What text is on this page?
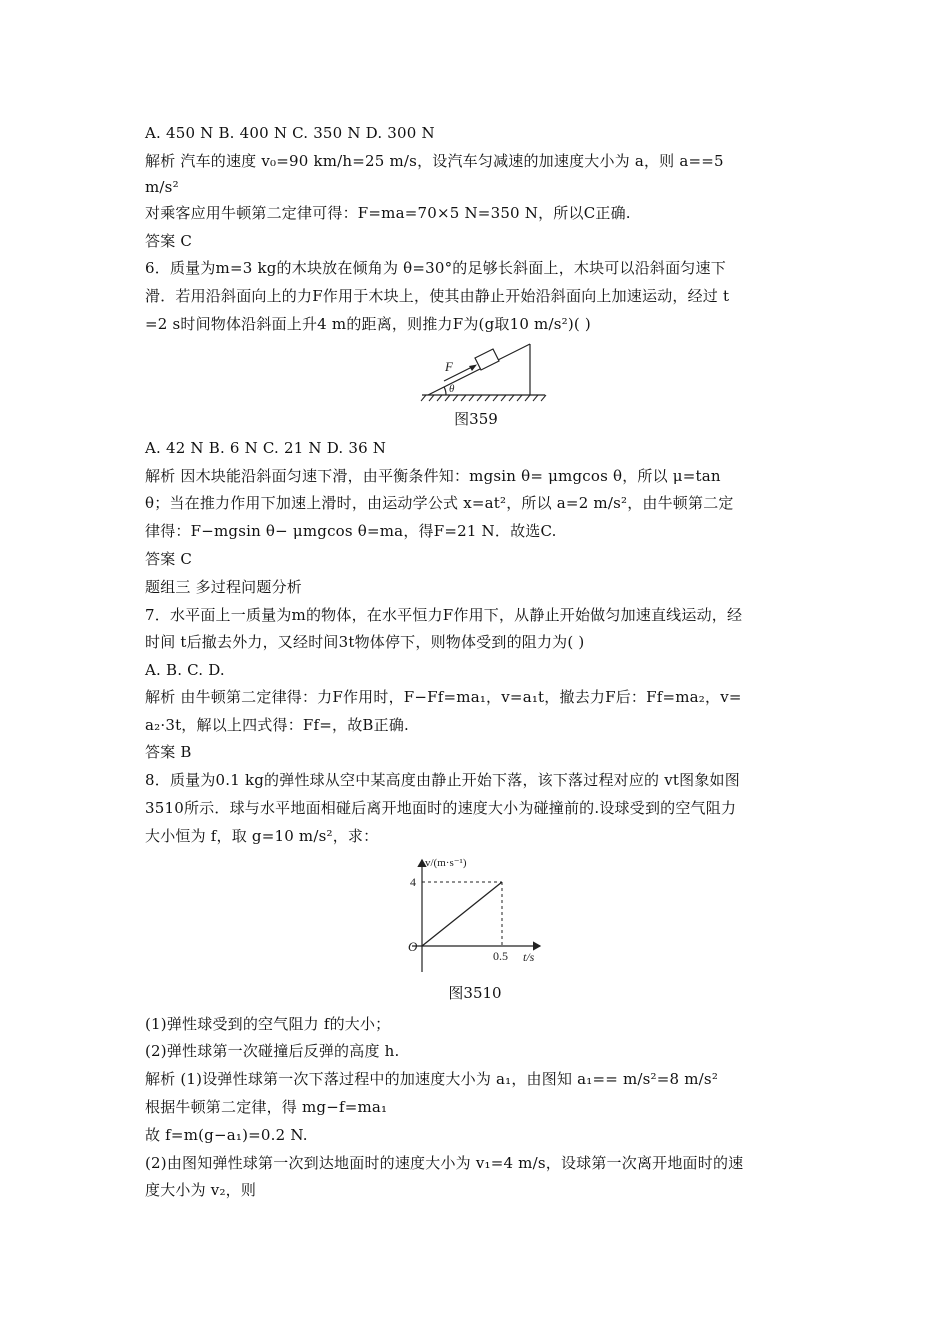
A. 450 N B. 400 N C. 350 N D. 300 N
解析 汽车的速度 v₀=90 km/h=25 m/s，设汽车匀减速的加速度大小为 a，则 a==5
m/s²
对乘客应用牛顿第二定律可得：F=ma=70×5 N=350 N，所以C正确.
答案 C
6．质量为m=3 kg的木块放在倾角为 θ=30°的足够长斜面上，木块可以沿斜面匀速下
滑．若用沿斜面向上的力F作用于木块上，使其由静止开始沿斜面向上加速运动，经过 t
=2 s时间物体沿斜面上升4 m的距离，则推力F为(g取10 m/s²)( )
F
θ
图359
A. 42 N B. 6 N C. 21 N D. 36 N
解析 因木块能沿斜面匀速下滑，由平衡条件知：mgsin θ= μmgcos θ，所以 μ=tan
θ；当在推力作用下加速上滑时，由运动学公式 x=at²，所以 a=2 m/s²，由牛顿第二定
律得：F−mgsin θ− μmgcos θ=ma，得F=21 N．故选C.
答案 C
题组三 多过程问题分析
7．水平面上一质量为m的物体，在水平恒力F作用下，从静止开始做匀加速直线运动，经
时间 t后撤去外力，又经时间3t物体停下，则物体受到的阻力为( )
A. B. C. D.
解析 由牛顿第二定律得：力F作用时，F−Ff=ma₁，v=a₁t，撤去力F后：Ff=ma₂，v=
a₂·3t，解以上四式得：Ff=，故B正确.
答案 B
8．质量为0.1 kg的弹性球从空中某高度由静止开始下落，该下落过程对应的 vt图象如图
3510所示．球与水平地面相碰后离开地面时的速度大小为碰撞前的.设球受到的空气阻力
大小恒为 f，取 g=10 m/s²，求：
v/(m·s⁻¹)
t/s
O
4
0.5
图3510
(1)弹性球受到的空气阻力 f的大小；
(2)弹性球第一次碰撞后反弹的高度 h.
解析 (1)设弹性球第一次下落过程中的加速度大小为 a₁，由图知 a₁== m/s²=8 m/s²
根据牛顿第二定律，得 mg−f=ma₁
故 f=m(g−a₁)=0.2 N.
(2)由图知弹性球第一次到达地面时的速度大小为 v₁=4 m/s，设球第一次离开地面时的速
度大小为 v₂，则
